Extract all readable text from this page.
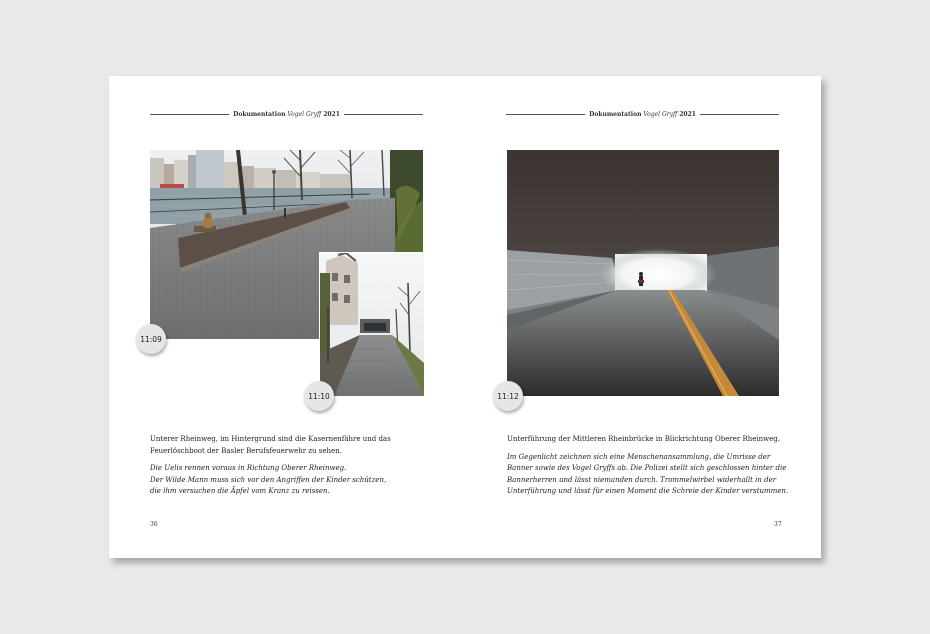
Dokumentation Vogel Gryff 2021
11:09
11:10

Unterer Rheinweg, im Hintergrund sind die Kasernenfähre und das
Feuerlöschboot der Basler Berufsfeuerwehr zu sehen.

Die Uelis rennen voraus in Richtung Oberer Rheinweg.
Der Wilde Mann muss sich vor den Angriffen der Kinder schützen,
die ihm versuchen die Äpfel vom Kranz zu reissen.

36
Dokumentation Vogel Gryff 2021
11:12

Unterführung der Mittleren Rheinbrücke in Blickrichtung Oberer Rheinweg.

Im Gegenlicht zeichnen sich eine Menschenansammlung, die Umrisse der
Banner sowie des Vogel Gryffs ab. Die Polizei stellt sich geschlossen hinter die
Bannerherren und lässt niemanden durch. Trommelwirbel widerhallt in der
Unterführung und lässt für einen Moment die Schreie der Kinder verstummen.

37
